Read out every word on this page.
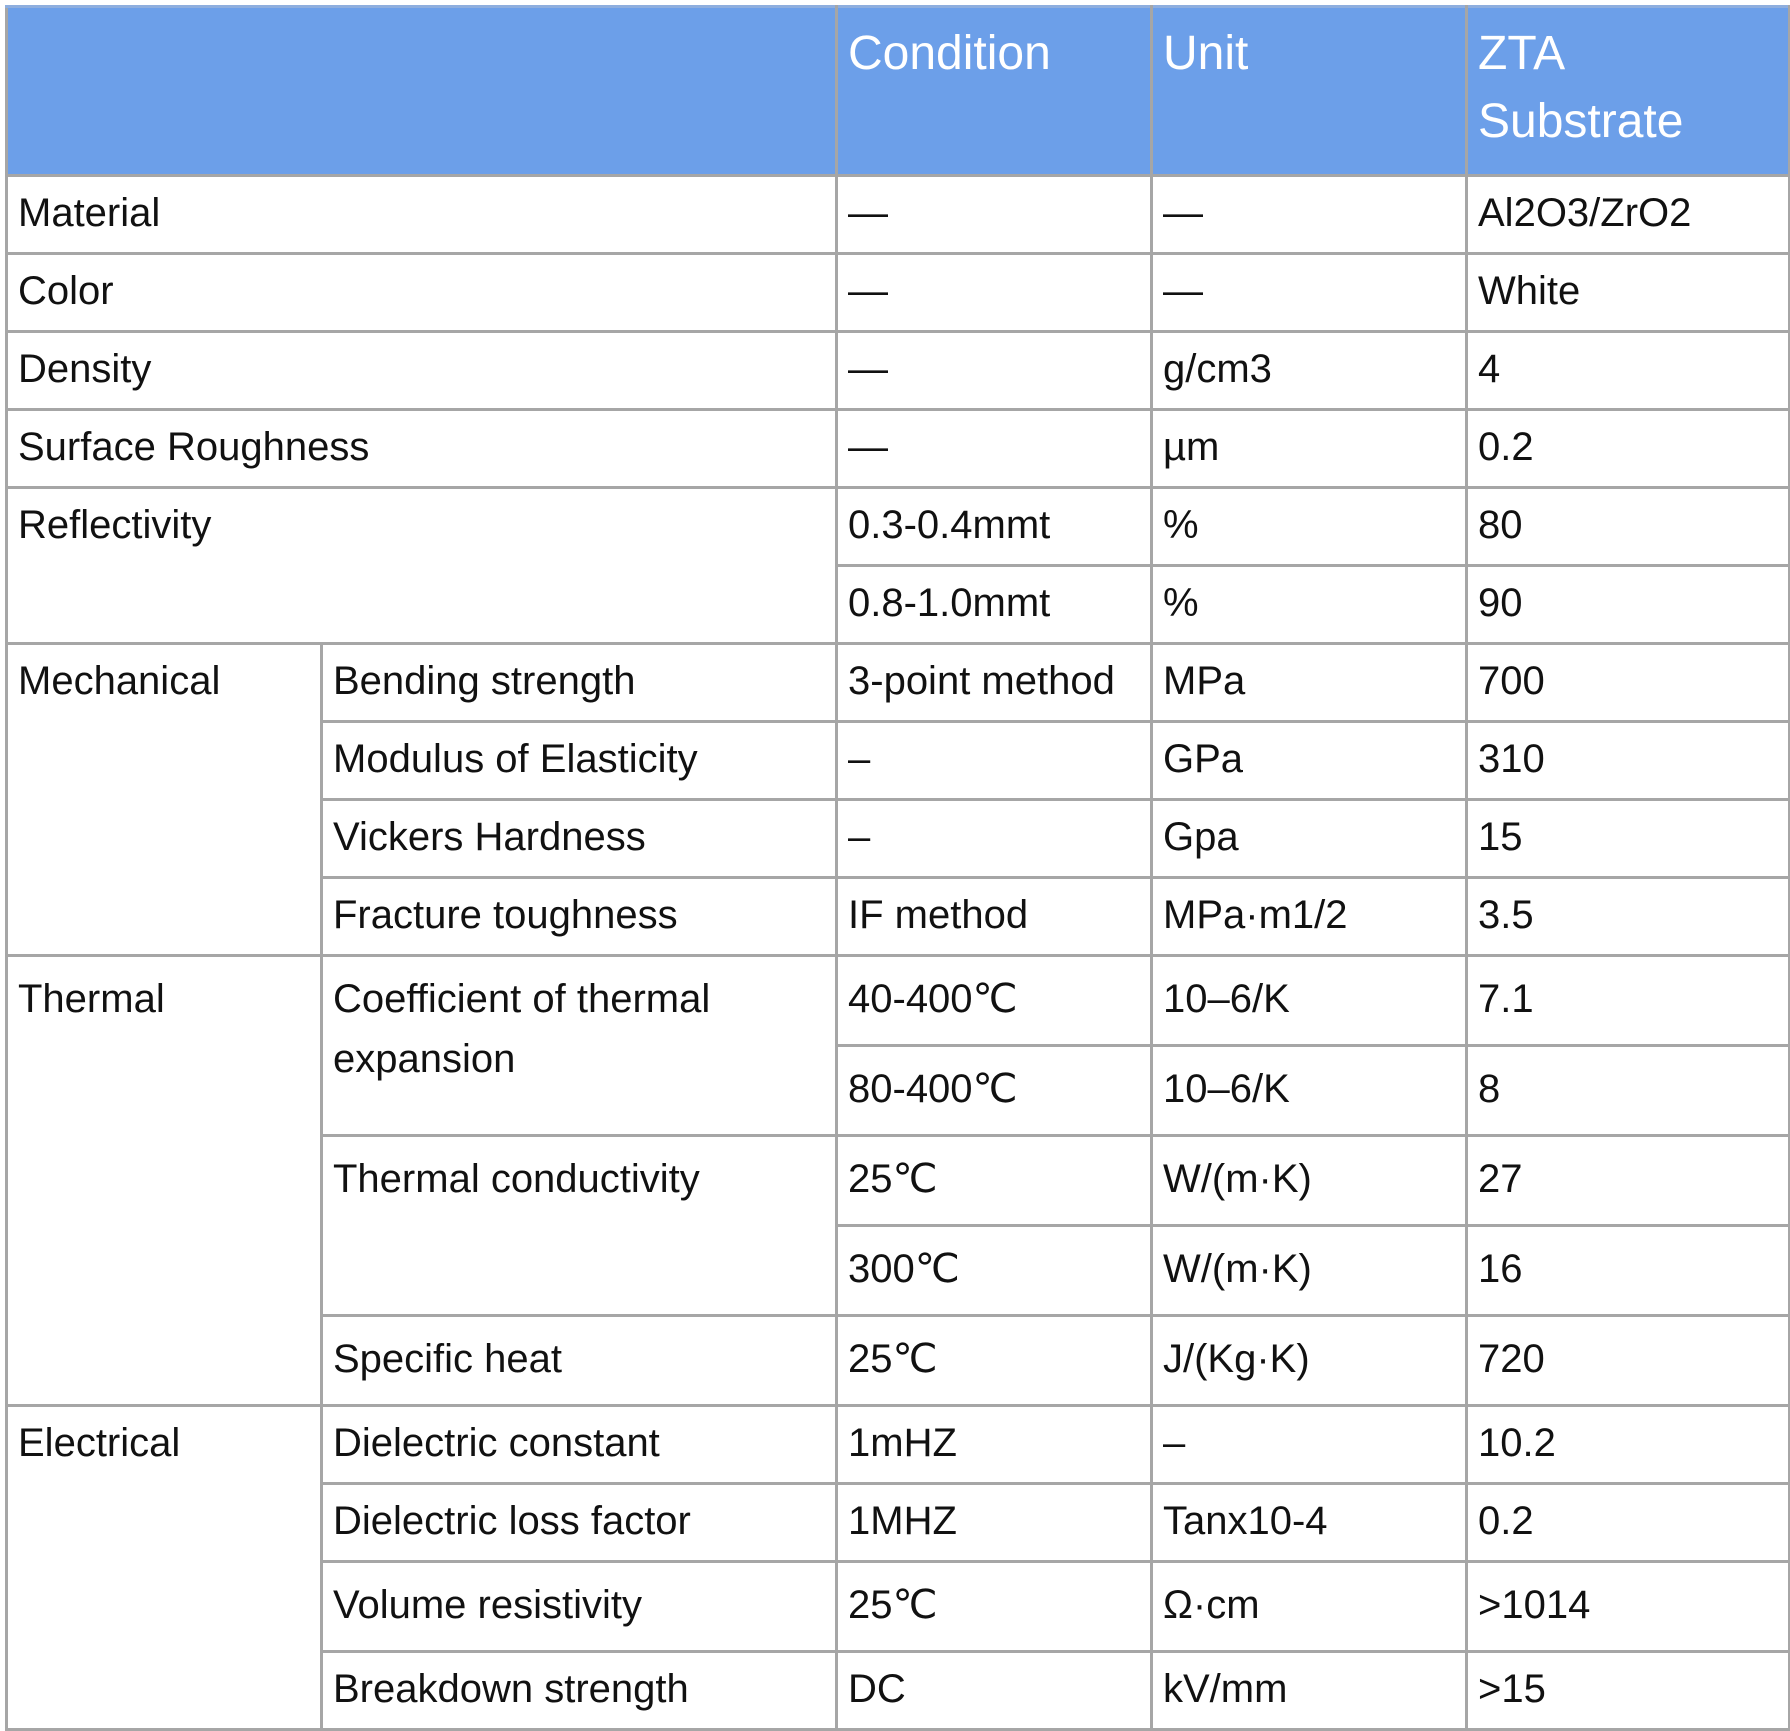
		Condition	Unit	ZTA
Substrate

Material		—	—	Al2O3/ZrO2
Color		—	—	White
Density		—	g/cm3	4
Surface Roughness		—	µm	0.2
Reflectivity		0.3-0.4mmt	%	80
		0.8-1.0mmt	%	90
Mechanical	Bending strength	3-point method	MPa	700
	Modulus of Elasticity	–	GPa	310
	Vickers Hardness	–	Gpa	15
	Fracture toughness	IF method	MPa·m1/2	3.5
Thermal	Coefficient of thermal expansion	40-400℃	10–6/K	7.1
		80-400℃	10–6/K	8
	Thermal conductivity	25℃	W/(m·K)	27
		300℃	W/(m·K)	16
	Specific heat	25℃	J/(Kg·K)	720
Electrical	Dielectric constant	1mHZ	–	10.2
	Dielectric loss factor	1MHZ	Tanx10-4	0.2
	Volume resistivity	25℃	Ω·cm	>1014
	Breakdown strength	DC	kV/mm	>15
